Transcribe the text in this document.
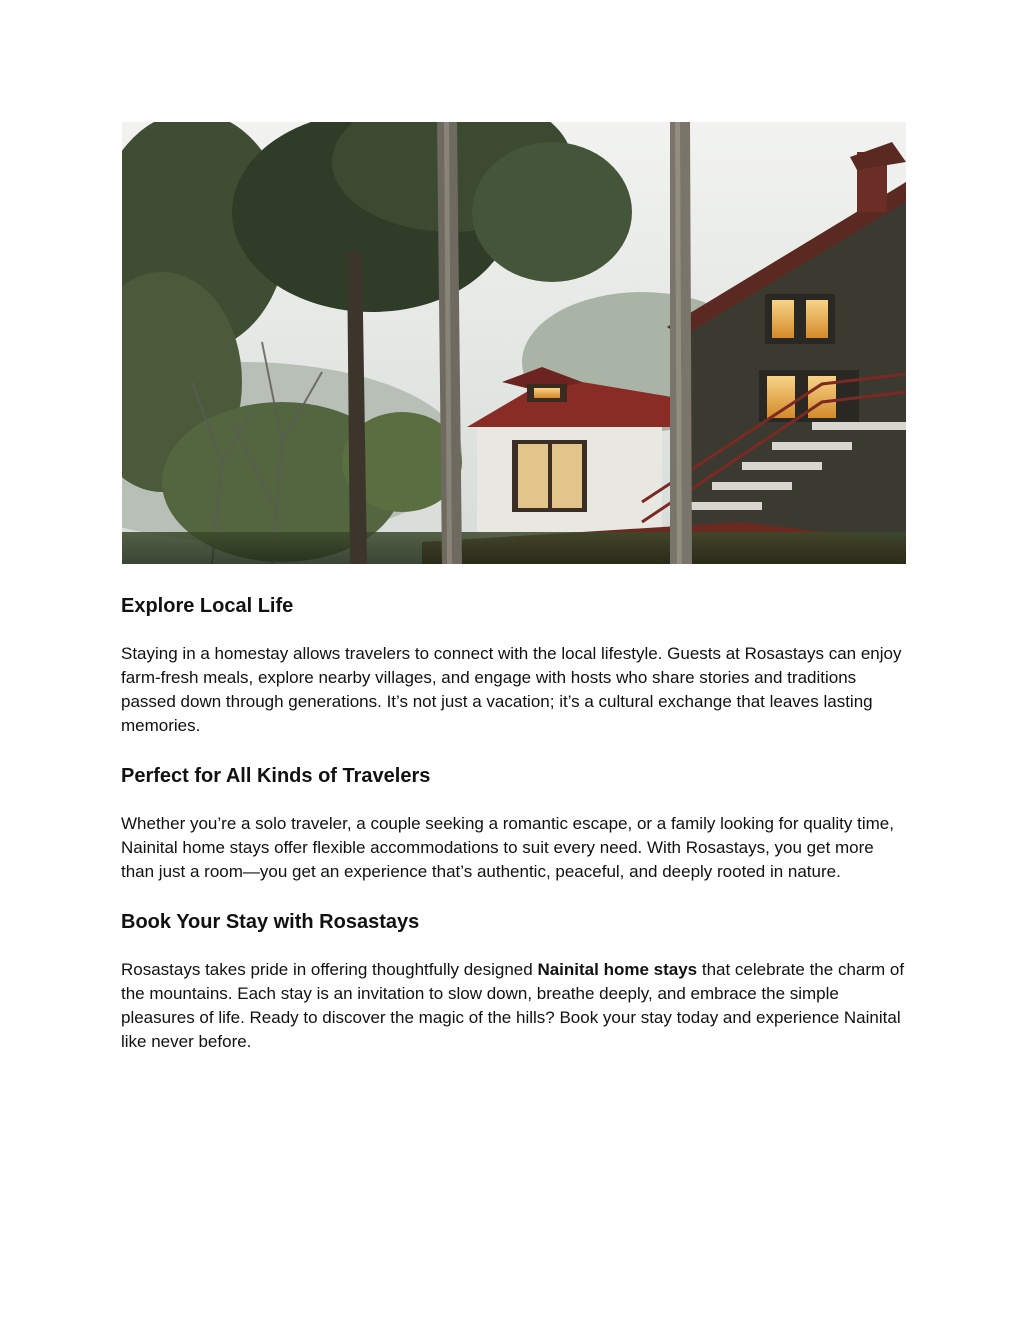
Explore Local Life

Staying in a homestay allows travelers to connect with the local lifestyle. Guests at Rosastays can enjoy farm-fresh meals, explore nearby villages, and engage with hosts who share stories and traditions passed down through generations. It’s not just a vacation; it’s a cultural exchange that leaves lasting memories.

Perfect for All Kinds of Travelers

Whether you’re a solo traveler, a couple seeking a romantic escape, or a family looking for quality time, Nainital home stays offer flexible accommodations to suit every need. With Rosastays, you get more than just a room—you get an experience that’s authentic, peaceful, and deeply rooted in nature.

Book Your Stay with Rosastays

Rosastays takes pride in offering thoughtfully designed Nainital home stays that celebrate the charm of the mountains. Each stay is an invitation to slow down, breathe deeply, and embrace the simple pleasures of life. Ready to discover the magic of the hills? Book your stay today and experience Nainital like never before.
